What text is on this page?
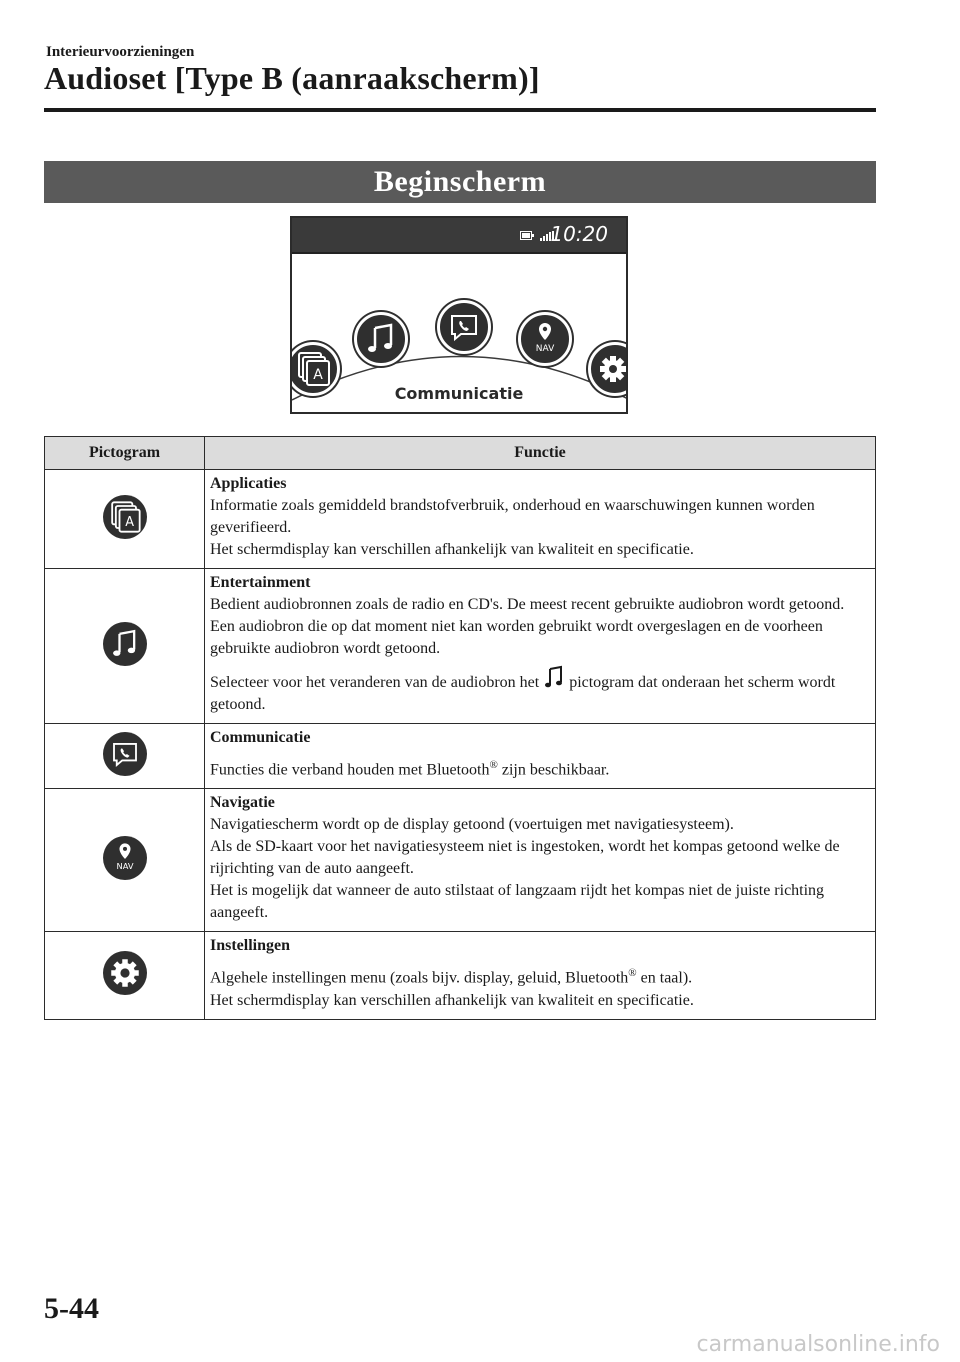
Interieurvoorzieningen
Audioset [Type B (aanraakscherm)]
Beginscherm
10:20
A
NAV
Communicatie
Pictogram	Functie

A	Applicaties
Informatie zoals gemiddeld brandstofverbruik, onderhoud en waarschuwingen kunnen worden geverifieerd.
Het schermdisplay kan verschillen afhankelijk van kwaliteit en specificatie.

Entertainment
Bedient audiobronnen zoals de radio en CD's. De meest recent gebruikte audiobron wordt getoond. Een audiobron die op dat moment niet kan worden gebruikt wordt overgeslagen en de voorheen gebruikte audiobron wordt getoond.
Selecteer voor het veranderen van de audiobron het pictogram dat onderaan het scherm wordt getoond.

Communicatie
Functies die verband houden met Bluetooth® zijn beschikbaar.

NAV	Navigatie
Navigatiescherm wordt op de display getoond (voertuigen met navigatiesysteem).
Als de SD-kaart voor het navigatiesysteem niet is ingestoken, wordt het kompas getoond welke de rijrichting van de auto aangeeft.
Het is mogelijk dat wanneer de auto stilstaat of langzaam rijdt het kompas niet de juiste richting aangeeft.

Instellingen
Algehele instellingen menu (zoals bijv. display, geluid, Bluetooth® en taal).
Het schermdisplay kan verschillen afhankelijk van kwaliteit en specificatie.
5-44
carmanualsonline.info
